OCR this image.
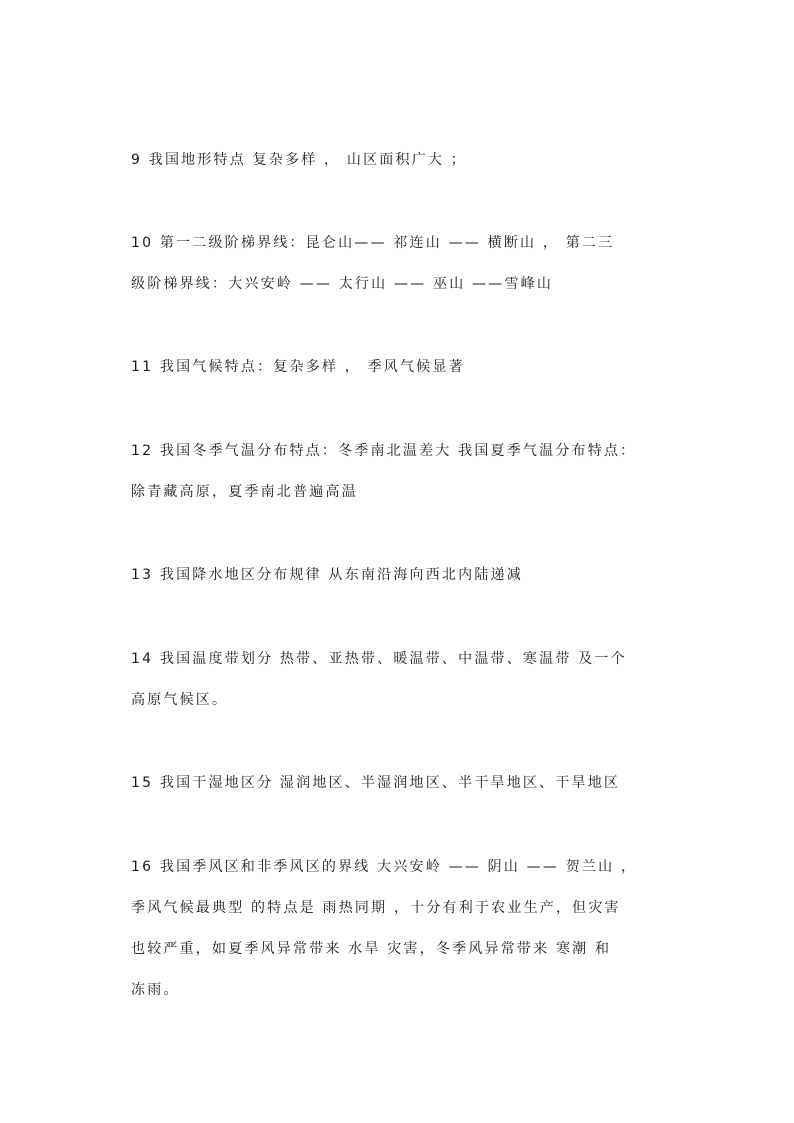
9 我国地形特点 复杂多样 ， 山区面积广大 ；
10 第一二级阶梯界线：昆仑山—— 祁连山 —— 横断山 ， 第二三
级阶梯界线：大兴安岭 —— 太行山 —— 巫山 ——雪峰山
11 我国气候特点：复杂多样 ， 季风气候显著
12 我国冬季气温分布特点：冬季南北温差大 我国夏季气温分布特点：
除青藏高原，夏季南北普遍高温
13 我国降水地区分布规律 从东南沿海向西北内陆递减
14 我国温度带划分 热带、亚热带、暖温带、中温带、寒温带 及一个
高原气候区。
15 我国干湿地区分 湿润地区、半湿润地区、半干旱地区、干旱地区
16 我国季风区和非季风区的界线 大兴安岭 —— 阴山 —— 贺兰山 ，
季风气候最典型 的特点是 雨热同期 ，十分有利于农业生产，但灾害
也较严重，如夏季风异常带来 水旱 灾害，冬季风异常带来 寒潮 和
冻雨。
